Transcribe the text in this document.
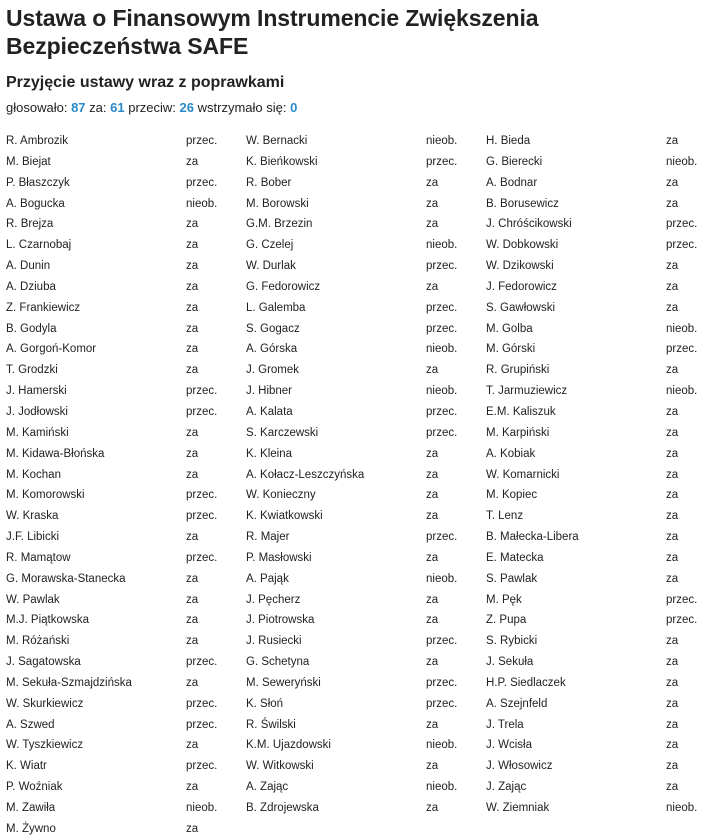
Ustawa o Finansowym Instrumencie Zwiększenia Bezpieczeństwa SAFE
Przyjęcie ustawy wraz z poprawkami
głosowało: 87 za: 61 przeciw: 26 wstrzymało się: 0
R. Ambrozik	przec.
M. Biejat	za
P. Błaszczyk	przec.
A. Bogucka	nieob.
R. Brejza	za
L. Czarnobaj	za
A. Dunin	za
A. Dziuba	za
Z. Frankiewicz	za
B. Godyla	za
A. Gorgoń-Komor	za
T. Grodzki	za
J. Hamerski	przec.
J. Jodłowski	przec.
M. Kamiński	za
M. Kidawa-Błońska	za
M. Kochan	za
M. Komorowski	przec.
W. Kraska	przec.
J.F. Libicki	za
R. Mamątow	przec.
G. Morawska-Stanecka	za
W. Pawlak	za
M.J. Piątkowska	za
M. Różański	za
J. Sagatowska	przec.
M. Sekuła-Szmajdzińska	za
W. Skurkiewicz	przec.
A. Szwed	przec.
W. Tyszkiewicz	za
K. Wiatr	przec.
P. Woźniak	za
M. Zawiła	nieob.
M. Żywno	za
W. Bernacki	nieob.
K. Bieńkowski	przec.
R. Bober	za
M. Borowski	za
G.M. Brzezin	za
G. Czelej	nieob.
W. Durlak	przec.
G. Fedorowicz	za
L. Galemba	przec.
S. Gogacz	przec.
A. Górska	nieob.
J. Gromek	za
J. Hibner	nieob.
A. Kalata	przec.
S. Karczewski	przec.
K. Kleina	za
A. Kołacz-Leszczyńska	za
W. Konieczny	za
K. Kwiatkowski	za
R. Majer	przec.
P. Masłowski	za
A. Pająk	nieob.
J. Pęcherz	za
J. Piotrowska	za
J. Rusiecki	przec.
G. Schetyna	za
M. Seweryński	przec.
K. Słoń	przec.
R. Świlski	za
K.M. Ujazdowski	nieob.
W. Witkowski	za
A. Zając	nieob.
B. Zdrojewska	za
H. Bieda	za
G. Bierecki	nieob.
A. Bodnar	za
B. Borusewicz	za
J. Chróścikowski	przec.
W. Dobkowski	przec.
W. Dzikowski	za
J. Fedorowicz	za
S. Gawłowski	za
M. Golba	nieob.
M. Górski	przec.
R. Grupiński	za
T. Jarmuziewicz	nieob.
E.M. Kaliszuk	za
M. Karpiński	za
A. Kobiak	za
W. Komarnicki	za
M. Kopiec	za
T. Lenz	za
B. Małecka-Libera	za
E. Matecka	za
S. Pawlak	za
M. Pęk	przec.
Z. Pupa	przec.
S. Rybicki	za
J. Sekuła	za
H.P. Siedlaczek	za
A. Szejnfeld	za
J. Trela	za
J. Wcisła	za
J. Włosowicz	za
J. Zając	za
W. Ziemniak	nieob.
